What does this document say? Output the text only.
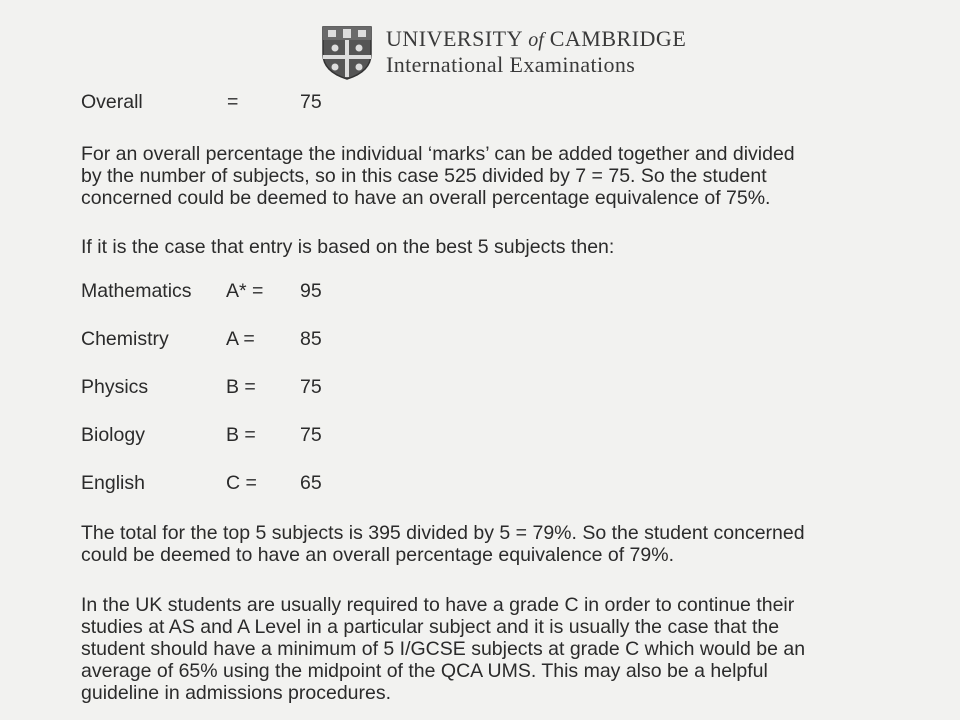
UNIVERSITY of CAMBRIDGE
International Examinations
Overall	=	75
For an overall percentage the individual ‘marks’ can be added together and divided
by the number of subjects, so in this case 525 divided by 7 = 75. So the student
concerned could be deemed to have an overall percentage equivalence of 75%.
If it is the case that entry is based on the best 5 subjects then:
Mathematics A* = 95
Chemistry	A = 85
Physics	B = 75
Biology	B = 75
English	C = 65
The total for the top 5 subjects is 395 divided by 5 = 79%. So the student concerned
could be deemed to have an overall percentage equivalence of 79%.
In the UK students are usually required to have a grade C in order to continue their
studies at AS and A Level in a particular subject and it is usually the case that the
student should have a minimum of 5 I/GCSE subjects at grade C which would be an
average of 65% using the midpoint of the QCA UMS. This may also be a helpful
guideline in admissions procedures.
